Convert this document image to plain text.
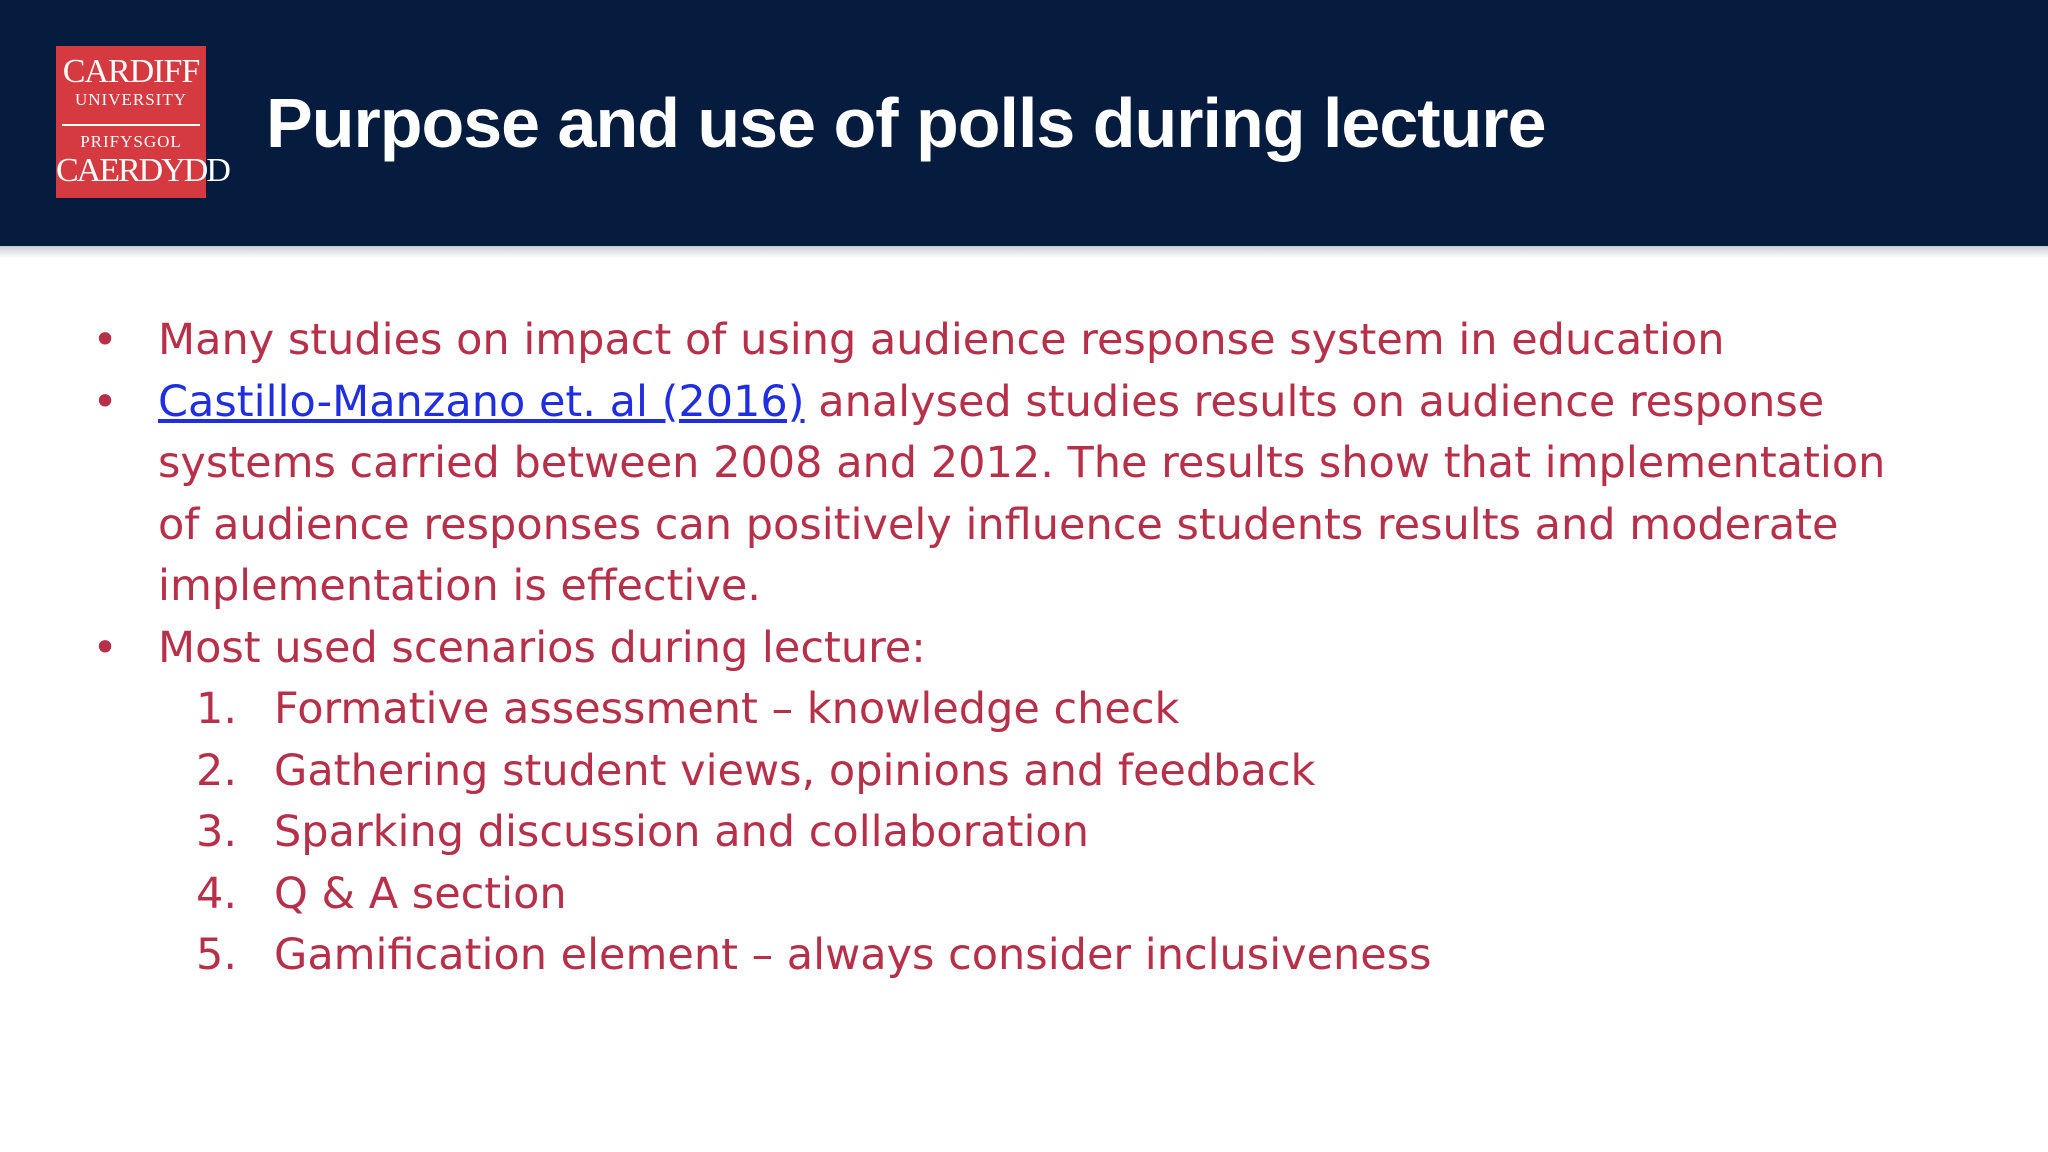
CARDIFF
UNIVERSITY
PRIFYSGOL
CAERDYDD
Purpose and use of polls during lecture
• Many studies on impact of using audience response system in education
• Castillo-Manzano et. al (2016) analysed studies results on audience response
systems carried between 2008 and 2012. The results show that implementation
of audience responses can positively influence students results and moderate
implementation is effective.
• Most used scenarios during lecture:
1. Formative assessment – knowledge check
2. Gathering student views, opinions and feedback
3. Sparking discussion and collaboration
4. Q & A section
5. Gamification element – always consider inclusiveness
